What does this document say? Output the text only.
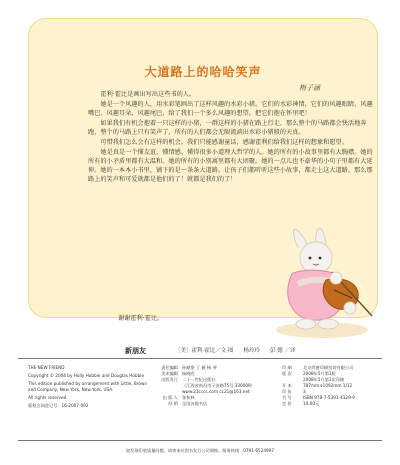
大道路上的哈哈笑声
梅子涵

霍利·霍比是画出写出这些书的人。

她是一个风趣的人，用水彩笔画出了这样风趣的水彩小猪。它们的水彩神情，它们的风趣眼睛、风趣嘴巴、风趣耳朵、风趣尾巴，给了我们一个多么风趣的想望，把它们抱在怀里吧！

如果我们有机会抱着一只这样的小猪，一群这样的小猪在路上行走，那么整个的马路都会快活地奔跑，整个的马路上只有笑声了，所有的人们都会无限流淌出水彩小猪般的天真。

可惜我们怎么会有这样的机会。我们只能感谢童话，感谢霍利们给我们这样的想象和愿望。

她是真是一个懂友谊、懂情感、懂得很多小道理大哲学的人。她的所有的小故事里都有大胸襟。她的所有的小矛盾里都有大温和。她的所有的小别离里都有大团聚。她的一点儿也不豪华的小句子里都有大延伸。她的一本本小书里，铺下的是一条条大道路。让孩子们都听听这些小故事，都走上这大道路，那么那路上的笑声和可爱就都是他们的了！就都是我们的了！

谢谢霍利·霍比。
新朋友	［美］霍利·霍比／文·图 杨玲玲 彭 懿 ／译

THE NEW FRIEND

Copyright © 2004 by Holly Hobbie and Douglas Hobbie

This edition published by arrangement with Little, Brown and Company, New York, New York, USA.

All rights reserved.

版权合同登记号：16-2007-092

责任编辑 孙献豪 丁 薇 杨 琴
美术编辑 杨晓欣
出版发行 二十一世纪出版社
（江西省南昌市子安路75号 330009）
www.21cccc.com cc21@163.net
出 版 人 张秋林
经 销 全国各地书店
印 刷	北京尚唐印刷包装有限公司
版 次	2008年5月第1版
2008年5月第1次印刷
开 本	787mm×1092mm 1/12
印 张	3
书 号	ISBN 978-7-5391-4129-9
定 价	10.00元
如发现印装质量问题，请寄本社图书发行公司调换。服务热线：0791-6524997
